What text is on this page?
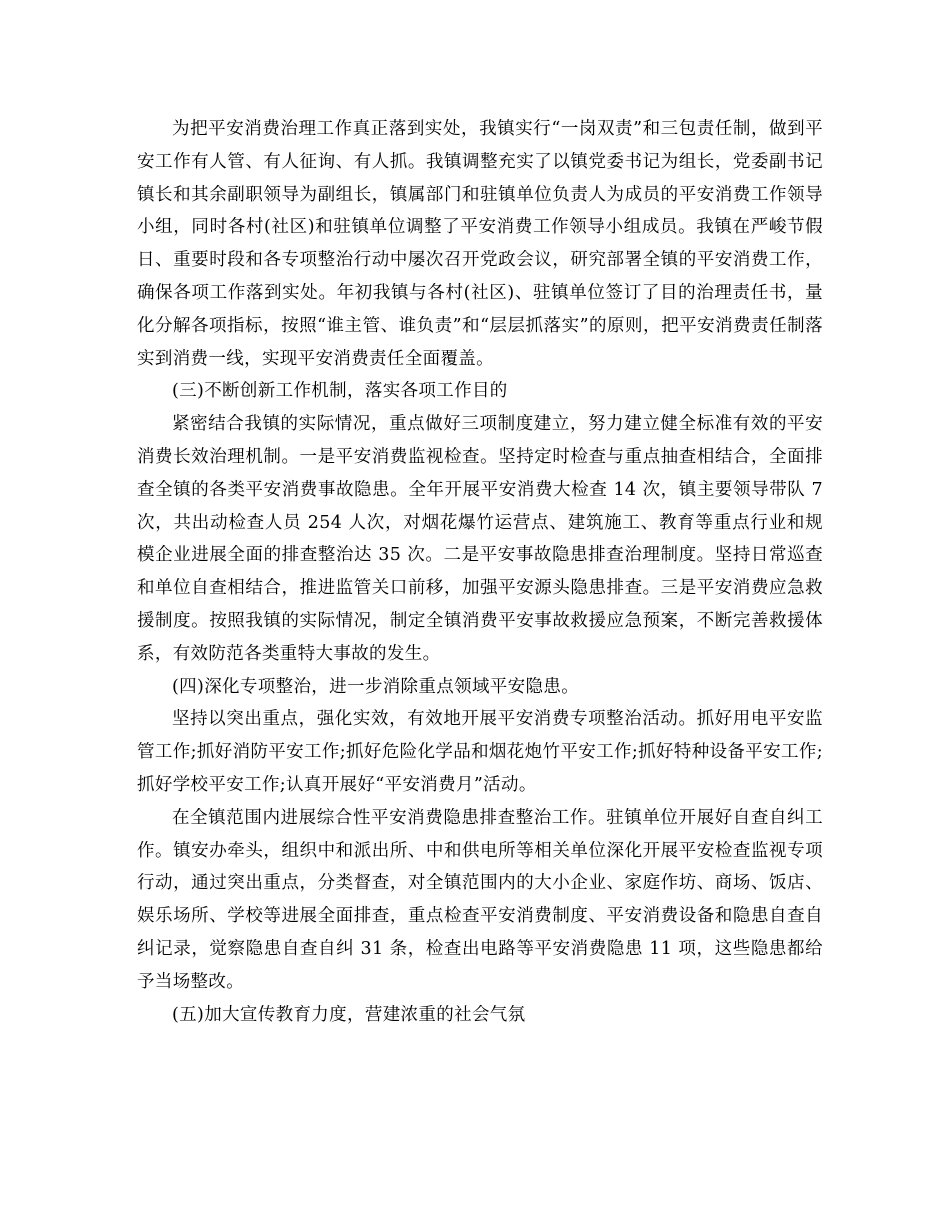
为把平安消费治理工作真正落到实处，我镇实行“一岗双责”和三包责任制，做到平安工作有人管、有人征询、有人抓。我镇调整充实了以镇党委书记为组长，党委副书记镇长和其余副职领导为副组长，镇属部门和驻镇单位负责人为成员的平安消费工作领导小组，同时各村(社区)和驻镇单位调整了平安消费工作领导小组成员。我镇在严峻节假日、重要时段和各专项整治行动中屡次召开党政会议，研究部署全镇的平安消费工作，确保各项工作落到实处。年初我镇与各村(社区)、驻镇单位签订了目的治理责任书，量化分解各项指标，按照“谁主管、谁负责”和“层层抓落实”的原则，把平安消费责任制落实到消费一线，实现平安消费责任全面覆盖。

(三)不断创新工作机制，落实各项工作目的

紧密结合我镇的实际情况，重点做好三项制度建立，努力建立健全标准有效的平安消费长效治理机制。一是平安消费监视检查。坚持定时检查与重点抽查相结合，全面排查全镇的各类平安消费事故隐患。全年开展平安消费大检查 14 次，镇主要领导带队 7 次，共出动检查人员 254 人次，对烟花爆竹运营点、建筑施工、教育等重点行业和规模企业进展全面的排查整治达 35 次。二是平安事故隐患排查治理制度。坚持日常巡查和单位自查相结合，推进监管关口前移，加强平安源头隐患排查。三是平安消费应急救援制度。按照我镇的实际情况，制定全镇消费平安事故救援应急预案，不断完善救援体系，有效防范各类重特大事故的发生。

(四)深化专项整治，进一步消除重点领域平安隐患。

坚持以突出重点，强化实效，有效地开展平安消费专项整治活动。抓好用电平安监管工作;抓好消防平安工作;抓好危险化学品和烟花炮竹平安工作;抓好特种设备平安工作;抓好学校平安工作;认真开展好“平安消费月”活动。

在全镇范围内进展综合性平安消费隐患排查整治工作。驻镇单位开展好自查自纠工作。镇安办牵头，组织中和派出所、中和供电所等相关单位深化开展平安检查监视专项行动，通过突出重点，分类督查，对全镇范围内的大小企业、家庭作坊、商场、饭店、娱乐场所、学校等进展全面排查，重点检查平安消费制度、平安消费设备和隐患自查自纠记录，觉察隐患自查自纠 31 条，检查出电路等平安消费隐患 11 项，这些隐患都给予当场整改。

(五)加大宣传教育力度，营建浓重的社会气氛
